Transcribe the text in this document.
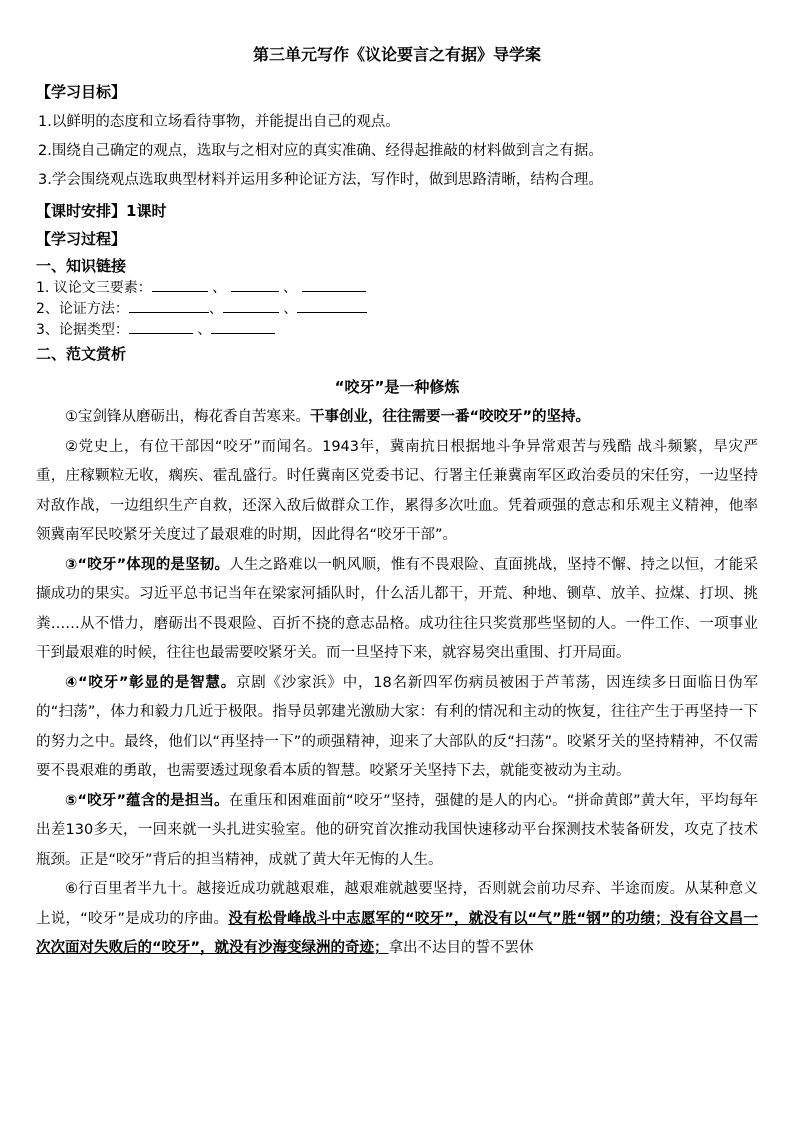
第三单元写作《议论要言之有据》导学案
【学习目标】
1.以鲜明的态度和立场看待事物，并能提出自己的观点。
2.围绕自己确定的观点，选取与之相对应的真实准确、经得起推敲的材料做到言之有据。
3.学会围绕观点选取典型材料并运用多种论证方法，写作时，做到思路清晰，结构合理。
【课时安排】1课时
【学习过程】
一、知识链接
1. 议论文三要素：	、	、
2、论证方法：	、	、
3、论据类型：	、
二、范文赏析
“咬牙”是一种修炼
①宝剑锋从磨砺出，梅花香自苦寒来。干事创业，往往需要一番“咬咬牙”的坚持。
②党史上，有位干部因“咬牙”而闻名。1943年，冀南抗日根据地斗争异常艰苦与残酷 战斗频繁，旱灾严重，庄稼颗粒无收，瘸疾、霍乱盛行。时任冀南区党委书记、行署主任兼冀南军区政治委员的宋任穷，一边坚持对敌作战，一边组织生产自救，还深入敌后做群众工作，累得多次吐血。凭着顽强的意志和乐观主义精神，他率领冀南军民咬紧牙关度过了最艰难的时期，因此得名“咬牙干部”。
③“咬牙”体现的是坚韧。人生之路难以一帆风顺，惟有不畏艰险、直面挑战，坚持不懈、持之以恒，才能采撷成功的果实。习近平总书记当年在梁家河插队时，什么活儿都干，开荒、种地、铡草、放羊、拉煤、打坝、挑粪……从不惜力，磨砺出不畏艰险、百折不挠的意志品格。成功往往只奖赏那些坚韧的人。一件工作、一项事业干到最艰难的时候，往往也最需要咬紧牙关。而一旦坚持下来，就容易突出重围、打开局面。
④“咬牙”彰显的是智慧。京剧《沙家浜》中，18名新四军伤病员被困于芦苇荡，因连续多日面临日伪军的“扫荡”，体力和毅力几近于极限。指导员郭建光激励大家：有利的情况和主动的恢复，往往产生于再坚持一下的努力之中。最终，他们以“再坚持一下”的顽强精神，迎来了大部队的反“扫荡”。咬紧牙关的坚持精神，不仅需要不畏艰难的勇敢，也需要透过现象看本质的智慧。咬紧牙关坚持下去，就能变被动为主动。
⑤“咬牙”蕴含的是担当。在重压和困难面前“咬牙”坚持，强健的是人的内心。“拼命黄郎”黄大年，平均每年出差130多天，一回来就一头扎进实验室。他的研究首次推动我国快速移动平台探测技术装备研发，攻克了技术瓶颈。正是“咬牙”背后的担当精神，成就了黄大年无悔的人生。
⑥行百里者半九十。越接近成功就越艰难，越艰难就越要坚持，否则就会前功尽弃、半途而废。从某种意义上说，“咬牙”是成功的序曲。没有松骨峰战斗中志愿军的“咬牙”，就没有以“气”胜“钢”的功绩；没有谷文昌一次次面对失败后的“咬牙”，就没有沙海变绿洲的奇迹；拿出不达目的誓不罢休
